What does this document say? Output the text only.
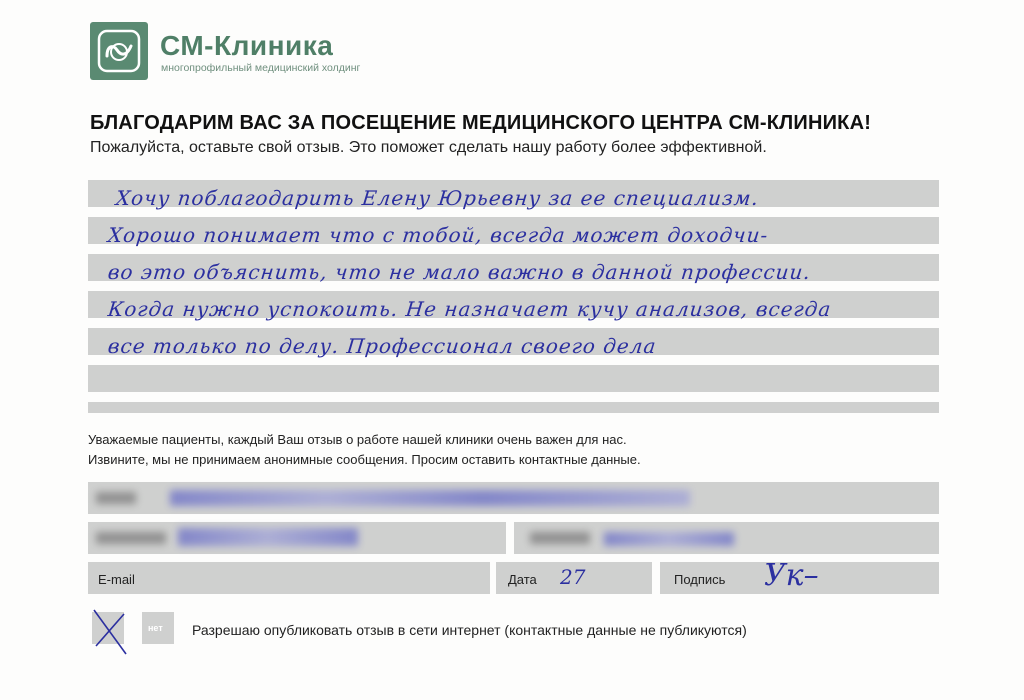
СМ-Клиника
многопрофильный медицинский холдинг
БЛАГОДАРИМ ВАС ЗА ПОСЕЩЕНИЕ МЕДИЦИНСКОГО ЦЕНТРА СМ-КЛИНИКА!
Пожалуйста, оставьте свой отзыв. Это поможет сделать нашу работу более эффективной.
Хочу поблагодарить Елену Юрьевну за ее специализм.
Хорошо понимает что с тобой, всегда может доходчи-
во это объяснить, что не мало важно в данной профессии.
Когда нужно успокоить. Не назначает кучу анализов, всегда
все только по делу. Профессионал своего дела
Уважаемые пациенты, каждый Ваш отзыв о работе нашей клиники очень важен для нас.
Извините, мы не принимаем анонимные сообщения. Просим оставить контактные данные.
E-mail	Дата 27	Подпись Ук–
нет Разрешаю опубликовать отзыв в сети интернет (контактные данные не публикуются)
